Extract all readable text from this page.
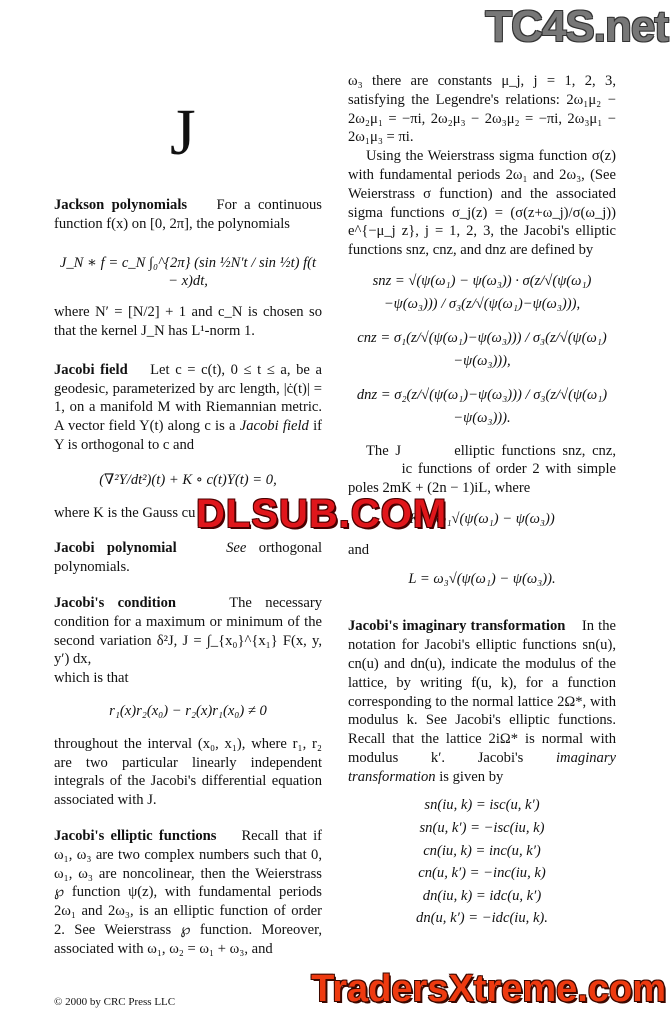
TC4S.net
J

Jackson polynomials For a continuous function f(x) on [0, 2π], the polynomials

J_N ∗ f = c_N ∫₀^{2π} (sin ½N′t / sin ½t) f(t − x)dt,

where N′ = [N/2] + 1 and c_N is chosen so that the kernel J_N has L¹-norm 1.

Jacobi field Let c = c(t), 0 ≤ t ≤ a, be a geodesic, parameterized by arc length, |ċ(t)| = 1, on a manifold M with Riemannian metric. A vector field Y(t) along c is a Jacobi field if Y is orthogonal to c and

(∇²Y/dt²)(t) + K ∘ c(t)Y(t) = 0,

where K is the Gauss cu

Jacobi polynomial	See orthogonal polynomials.

Jacobi's condition	The necessary condition for a maximum or minimum of the second variation δ²J, J = ∫_{x₀}^{x₁} F(x, y, y′) dx,

which is that

r₁(x)r₂(x₀) − r₂(x)r₁(x₀) ≠ 0

throughout the interval (x₀, x₁), where r₁, r₂ are two particular linearly independent integrals of the Jacobi's differential equation associated with J.

Jacobi's elliptic functions Recall that if ω₁, ω₃ are two complex numbers such that 0, ω₁, ω₃ are noncolinear, then the Weierstrass ℘ function ψ(z), with fundamental periods 2ω₁ and 2ω₃, is an elliptic function of order 2. See Weierstrass ℘ function. Moreover, associated with ω₁, ω₂ = ω₁ + ω₃, and

ω₃ there are constants μ_j, j = 1, 2, 3, satisfying the Legendre's relations: 2ω₁μ₂ − 2ω₂μ₁ = −πi, 2ω₂μ₃ − 2ω₃μ₂ = −πi, 2ω₃μ₁ − 2ω₁μ₃ = πi.

Using the Weierstrass sigma function σ(z) with fundamental periods 2ω₁ and 2ω₃, (See Weierstrass σ function) and the associated sigma functions σ_j(z) = (σ(z+ω_j)/σ(ω_j)) e^{−μ_j z}, j = 1, 2, 3, the Jacobi's elliptic functions snz, cnz, and dnz are defined by

snz = √(ψ(ω₁) − ψ(ω₃)) · σ(z/√(ψ(ω₁)−ψ(ω₃))) / σ₃(z/√(ψ(ω₁)−ψ(ω₃))),
cnz = σ₁(z/√(ψ(ω₁)−ψ(ω₃))) / σ₃(z/√(ψ(ω₁)−ψ(ω₃))),
dnz = σ₂(z/√(ψ(ω₁)−ψ(ω₃))) / σ₃(z/√(ψ(ω₁)−ψ(ω₃))).

The J	elliptic functions snz, cnz, ic functions of order 2 with simple poles 2mK + (2n − 1)iL, where

K = ω₁√(ψ(ω₁) − ψ(ω₃))

and

L = ω₃√(ψ(ω₁) − ψ(ω₃)).

Jacobi's imaginary transformation In the notation for Jacobi's elliptic functions sn(u), cn(u) and dn(u), indicate the modulus of the lattice, by writing f(u, k), for a function corresponding to the normal lattice 2Ω*, with modulus k. See Jacobi's elliptic functions. Recall that the lattice 2iΩ* is normal with modulus k′. Jacobi's imaginary transformation is given by

sn(iu, k) = isc(u, k′)
sn(u, k′) = −isc(iu, k)
cn(iu, k) = inc(u, k′)
cn(u, k′) = −inc(iu, k)
dn(iu, k) = idc(u, k′)
dn(u, k′) = −idc(iu, k).
DLSUB.COM
TradersXtreme.com
© 2000 by CRC Press LLC
